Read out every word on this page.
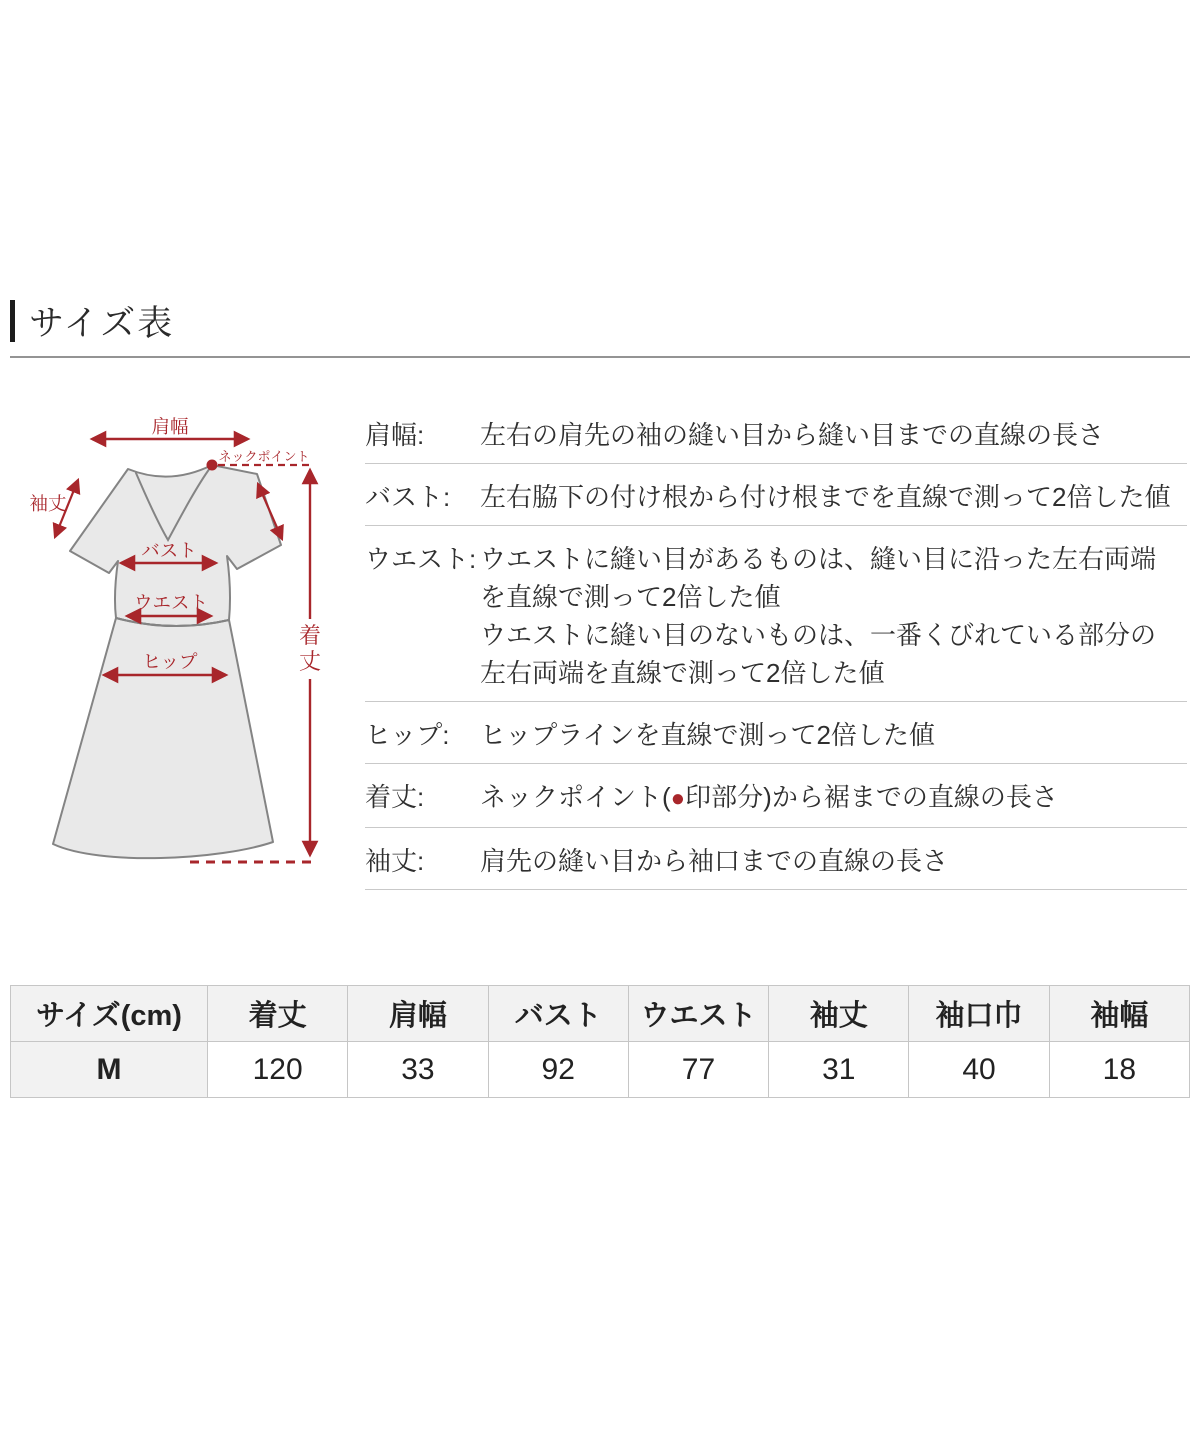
サイズ表
肩幅
ネックポイント
袖丈
バスト
ウエスト
ヒップ
着
丈
肩幅:	左右の肩先の袖の縫い目から縫い目までの直線の長さ
バスト:	左右脇下の付け根から付け根までを直線で測って2倍した値
ウエスト: ウエストに縫い目があるものは、縫い目に沿った左右両端
を直線で測って2倍した値
ウエストに縫い目のないものは、一番くびれている部分の
左右両端を直線で測って2倍した値
ヒップ:	ヒップラインを直線で測って2倍した値
着丈:	ネックポイント(●印部分)から裾までの直線の長さ
袖丈:	肩先の縫い目から袖口までの直線の長さ
サイズ(cm)	着丈	肩幅	バスト	ウエスト	袖丈	袖口巾	袖幅
M	120	33	92	77	31	40	18
